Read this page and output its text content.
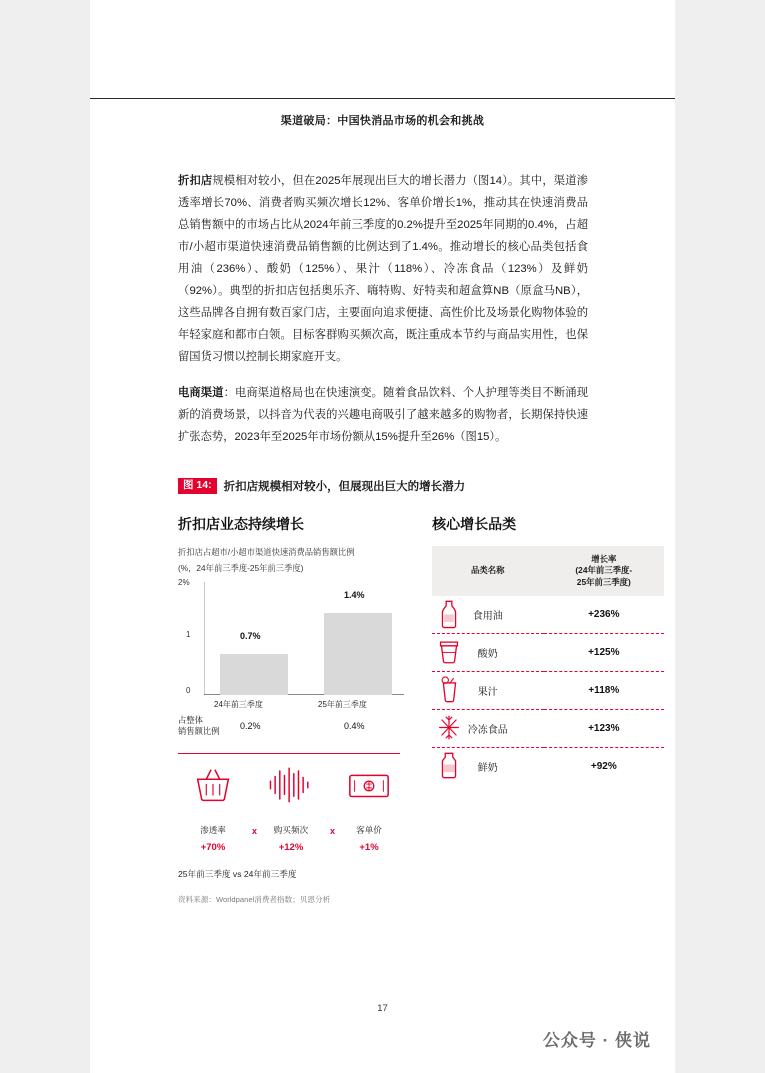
渠道破局：中国快消品市场的机会和挑战

折扣店规模相对较小，但在2025年展现出巨大的增长潜力（图14）。其中，渠道渗透率增长70%、消费者购买频次增长12%、客单价增长1%，推动其在快速消费品总销售额中的市场占比从2024年前三季度的0.2%提升至2025年同期的0.4%，占超市/小超市渠道快速消费品销售额的比例达到了1.4%。推动增长的核心品类包括食用油（236%）、酸奶（125%）、果汁（118%）、冷冻食品（123%）及鲜奶（92%）。典型的折扣店包括奥乐齐、嗨特购、好特卖和超盒算NB（原盒马NB），这些品牌各自拥有数百家门店，主要面向追求便捷、高性价比及场景化购物体验的年轻家庭和都市白领。目标客群购买频次高，既注重成本节约与商品实用性，也保留国货习惯以控制长期家庭开支。

电商渠道：电商渠道格局也在快速演变。随着食品饮料、个人护理等类目不断涌现新的消费场景，以抖音为代表的兴趣电商吸引了越来越多的购物者，长期保持快速扩张态势，2023年至2025年市场份额从15%提升至26%（图15）。

图 14:	折扣店规模相对较小，但展现出巨大的增长潜力
折扣店业态持续增长
折扣店占超市/小超市渠道快速消费品销售额比例
(%，24年前三季度-25年前三季度)
2%
1
0
0.7%
24年前三季度
1.4%
25年前三季度
占整体
销售额比例
0.2%	0.4%
渗透率	x	购买频次	x	客单价
+70%	+12%	+1%
25年前三季度 vs 24年前三季度
资料来源：Worldpanel消费者指数；贝恩分析
核心增长品类
品类名称	增长率
(24年前三季度-
25年前三季度)

食用油	+236%

酸奶	+125%

果汁	+118%

冷冻食品	+123%

鲜奶	+92%
17
公众号 · 侠说
